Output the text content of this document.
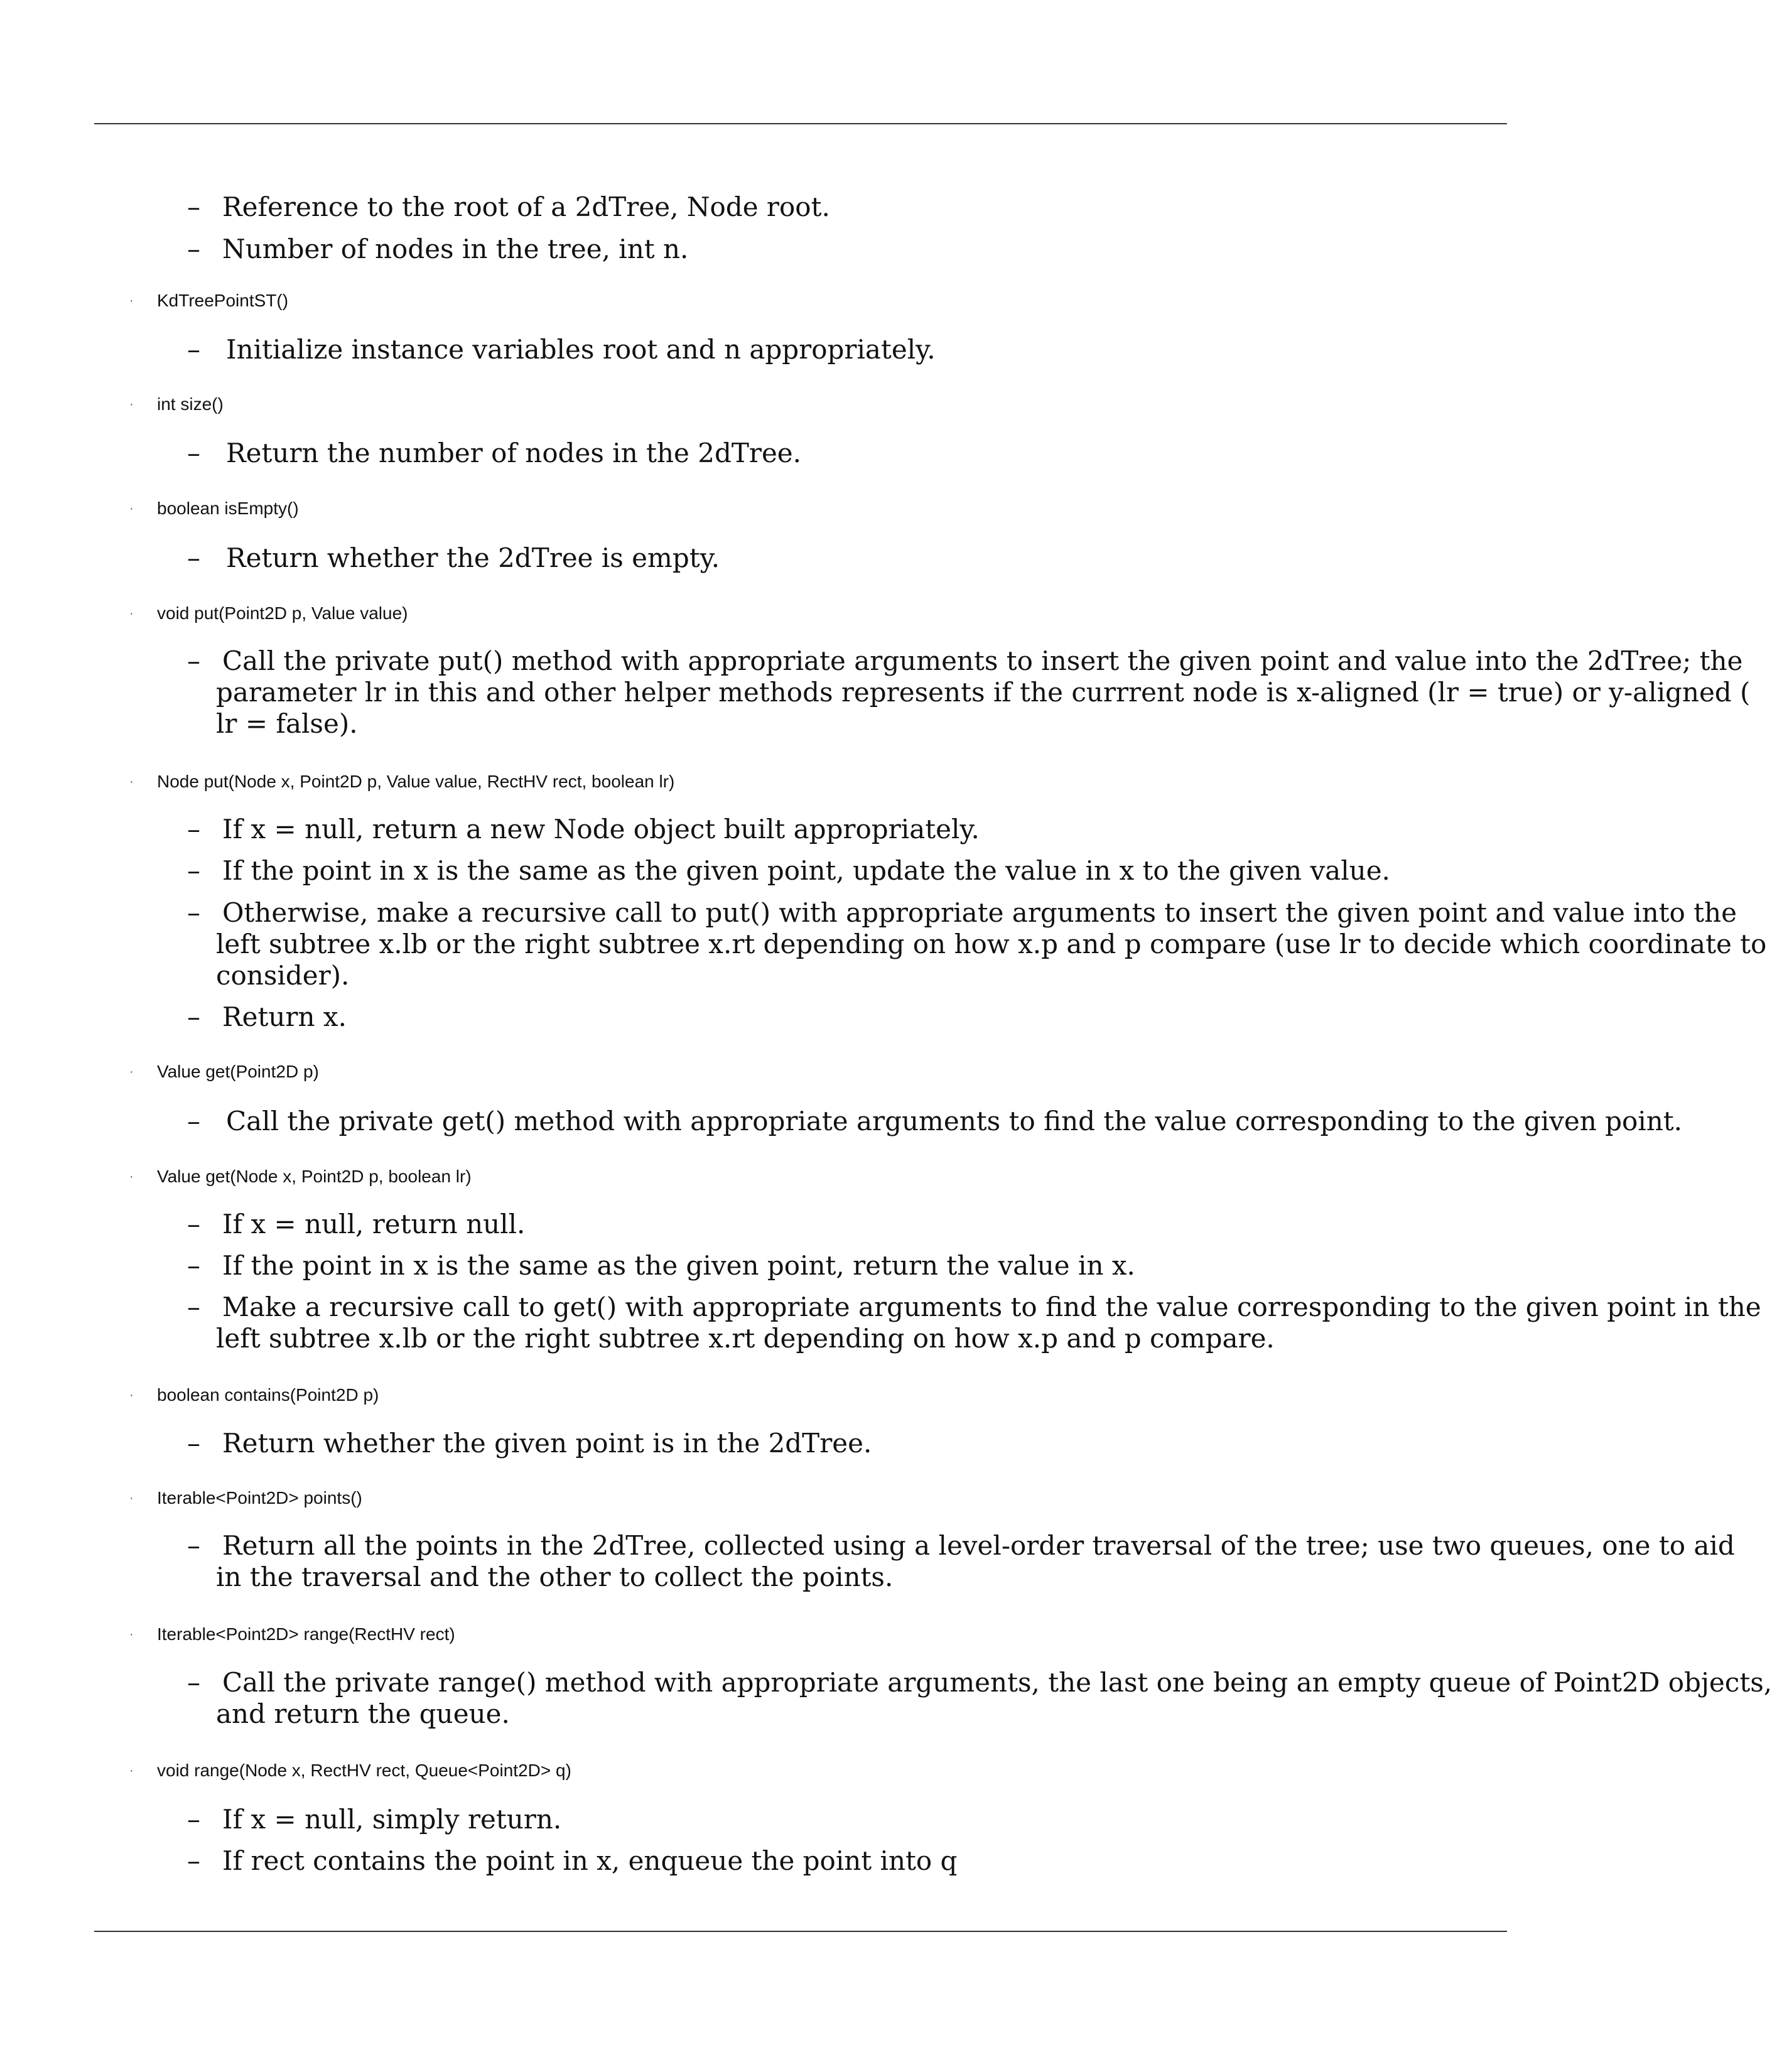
– Reference to the root of a 2dTree, Node root.
– Number of nodes in the tree, int n.
· KdTreePointST()
– Initialize instance variables root and n appropriately.
· int size()
– Return the number of nodes in the 2dTree.
· boolean isEmpty()
– Return whether the 2dTree is empty.
· void put(Point2D p, Value value)
– Call the private put() method with appropriate arguments to insert the given point and value into the 2dTree; the
parameter lr in this and other helper methods represents if the currrent node is x-aligned (lr = true) or y-aligned (
lr = false).
· Node put(Node x, Point2D p, Value value, RectHV rect, boolean lr)
– If x = null, return a new Node object built appropriately.
– If the point in x is the same as the given point, update the value in x to the given value.
– Otherwise, make a recursive call to put() with appropriate arguments to insert the given point and value into the
left subtree x.lb or the right subtree x.rt depending on how x.p and p compare (use lr to decide which coordinate to
consider).
– Return x.
· Value get(Point2D p)
– Call the private get() method with appropriate arguments to find the value corresponding to the given point.
· Value get(Node x, Point2D p, boolean lr)
– If x = null, return null.
– If the point in x is the same as the given point, return the value in x.
– Make a recursive call to get() with appropriate arguments to find the value corresponding to the given point in the
left subtree x.lb or the right subtree x.rt depending on how x.p and p compare.
· boolean contains(Point2D p)
– Return whether the given point is in the 2dTree.
· Iterable<Point2D> points()
– Return all the points in the 2dTree, collected using a level-order traversal of the tree; use two queues, one to aid
in the traversal and the other to collect the points.
· Iterable<Point2D> range(RectHV rect)
– Call the private range() method with appropriate arguments, the last one being an empty queue of Point2D objects,
and return the queue.
· void range(Node x, RectHV rect, Queue<Point2D> q)
– If x = null, simply return.
– If rect contains the point in x, enqueue the point into q
